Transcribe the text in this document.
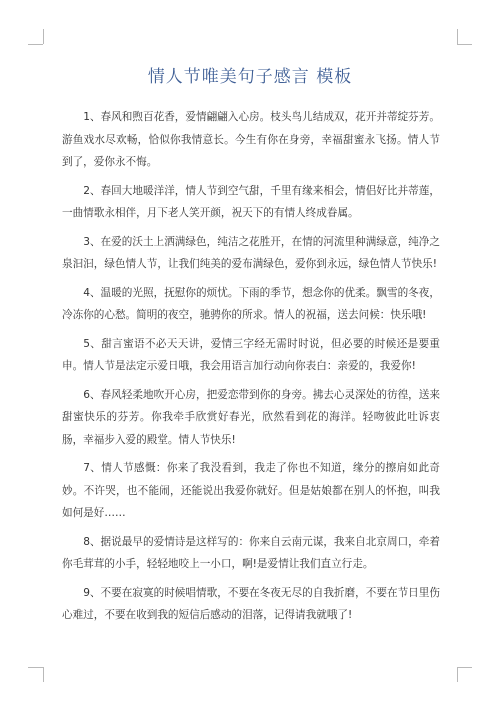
情人节唯美句子感言 模板

1、春风和煦百花香，爱情翩翩入心房。枝头鸟儿结成双，花开并蒂绽芬芳。游鱼戏水尽欢畅，恰似你我情意长。今生有你在身旁，幸福甜蜜永飞扬。情人节到了，爱你永不悔。

2、春回大地暖洋洋，情人节到空气甜，千里有缘来相会，情侣好比并蒂莲，一曲情歌永相伴，月下老人笑开颜，祝天下的有情人终成眷属。

3、在爱的沃土上洒满绿色，纯洁之花胜开，在情的河流里种满绿意，纯净之泉汩汩，绿色情人节，让我们纯美的爱布满绿色，爱你到永远，绿色情人节快乐!

4、温暖的光照，抚慰你的烦忧。下雨的季节，想念你的优柔。飘雪的冬夜，冷冻你的心愁。简明的夜空，驰骋你的所求。情人的祝福，送去问候：快乐哦!

5、甜言蜜语不必天天讲，爱情三字经无需时时说，但必要的时候还是要重申。情人节是法定示爱日哦，我会用语言加行动向你表白：亲爱的，我爱你!

6、春风轻柔地吹开心房，把爱恋带到你的身旁。拂去心灵深处的彷徨，送来甜蜜快乐的芬芳。你我牵手欣赏好春光，欣然看到花的海洋。轻吻彼此吐诉衷肠，幸福步入爱的殿堂。情人节快乐!

7、情人节感慨：你来了我没看到，我走了你也不知道，缘分的擦肩如此奇妙。不许哭，也不能闹，还能说出我爱你就好。但是姑娘都在别人的怀抱，叫我如何是好……

8、据说最早的爱情诗是这样写的：你来自云南元谋，我来自北京周口，牵着你毛茸茸的小手，轻轻地咬上一小口，啊!是爱情让我们直立行走。

9、不要在寂寞的时候唱情歌，不要在冬夜无尽的自我折磨，不要在节日里伤心难过，不要在收到我的短信后感动的泪落，记得请我就哦了!
